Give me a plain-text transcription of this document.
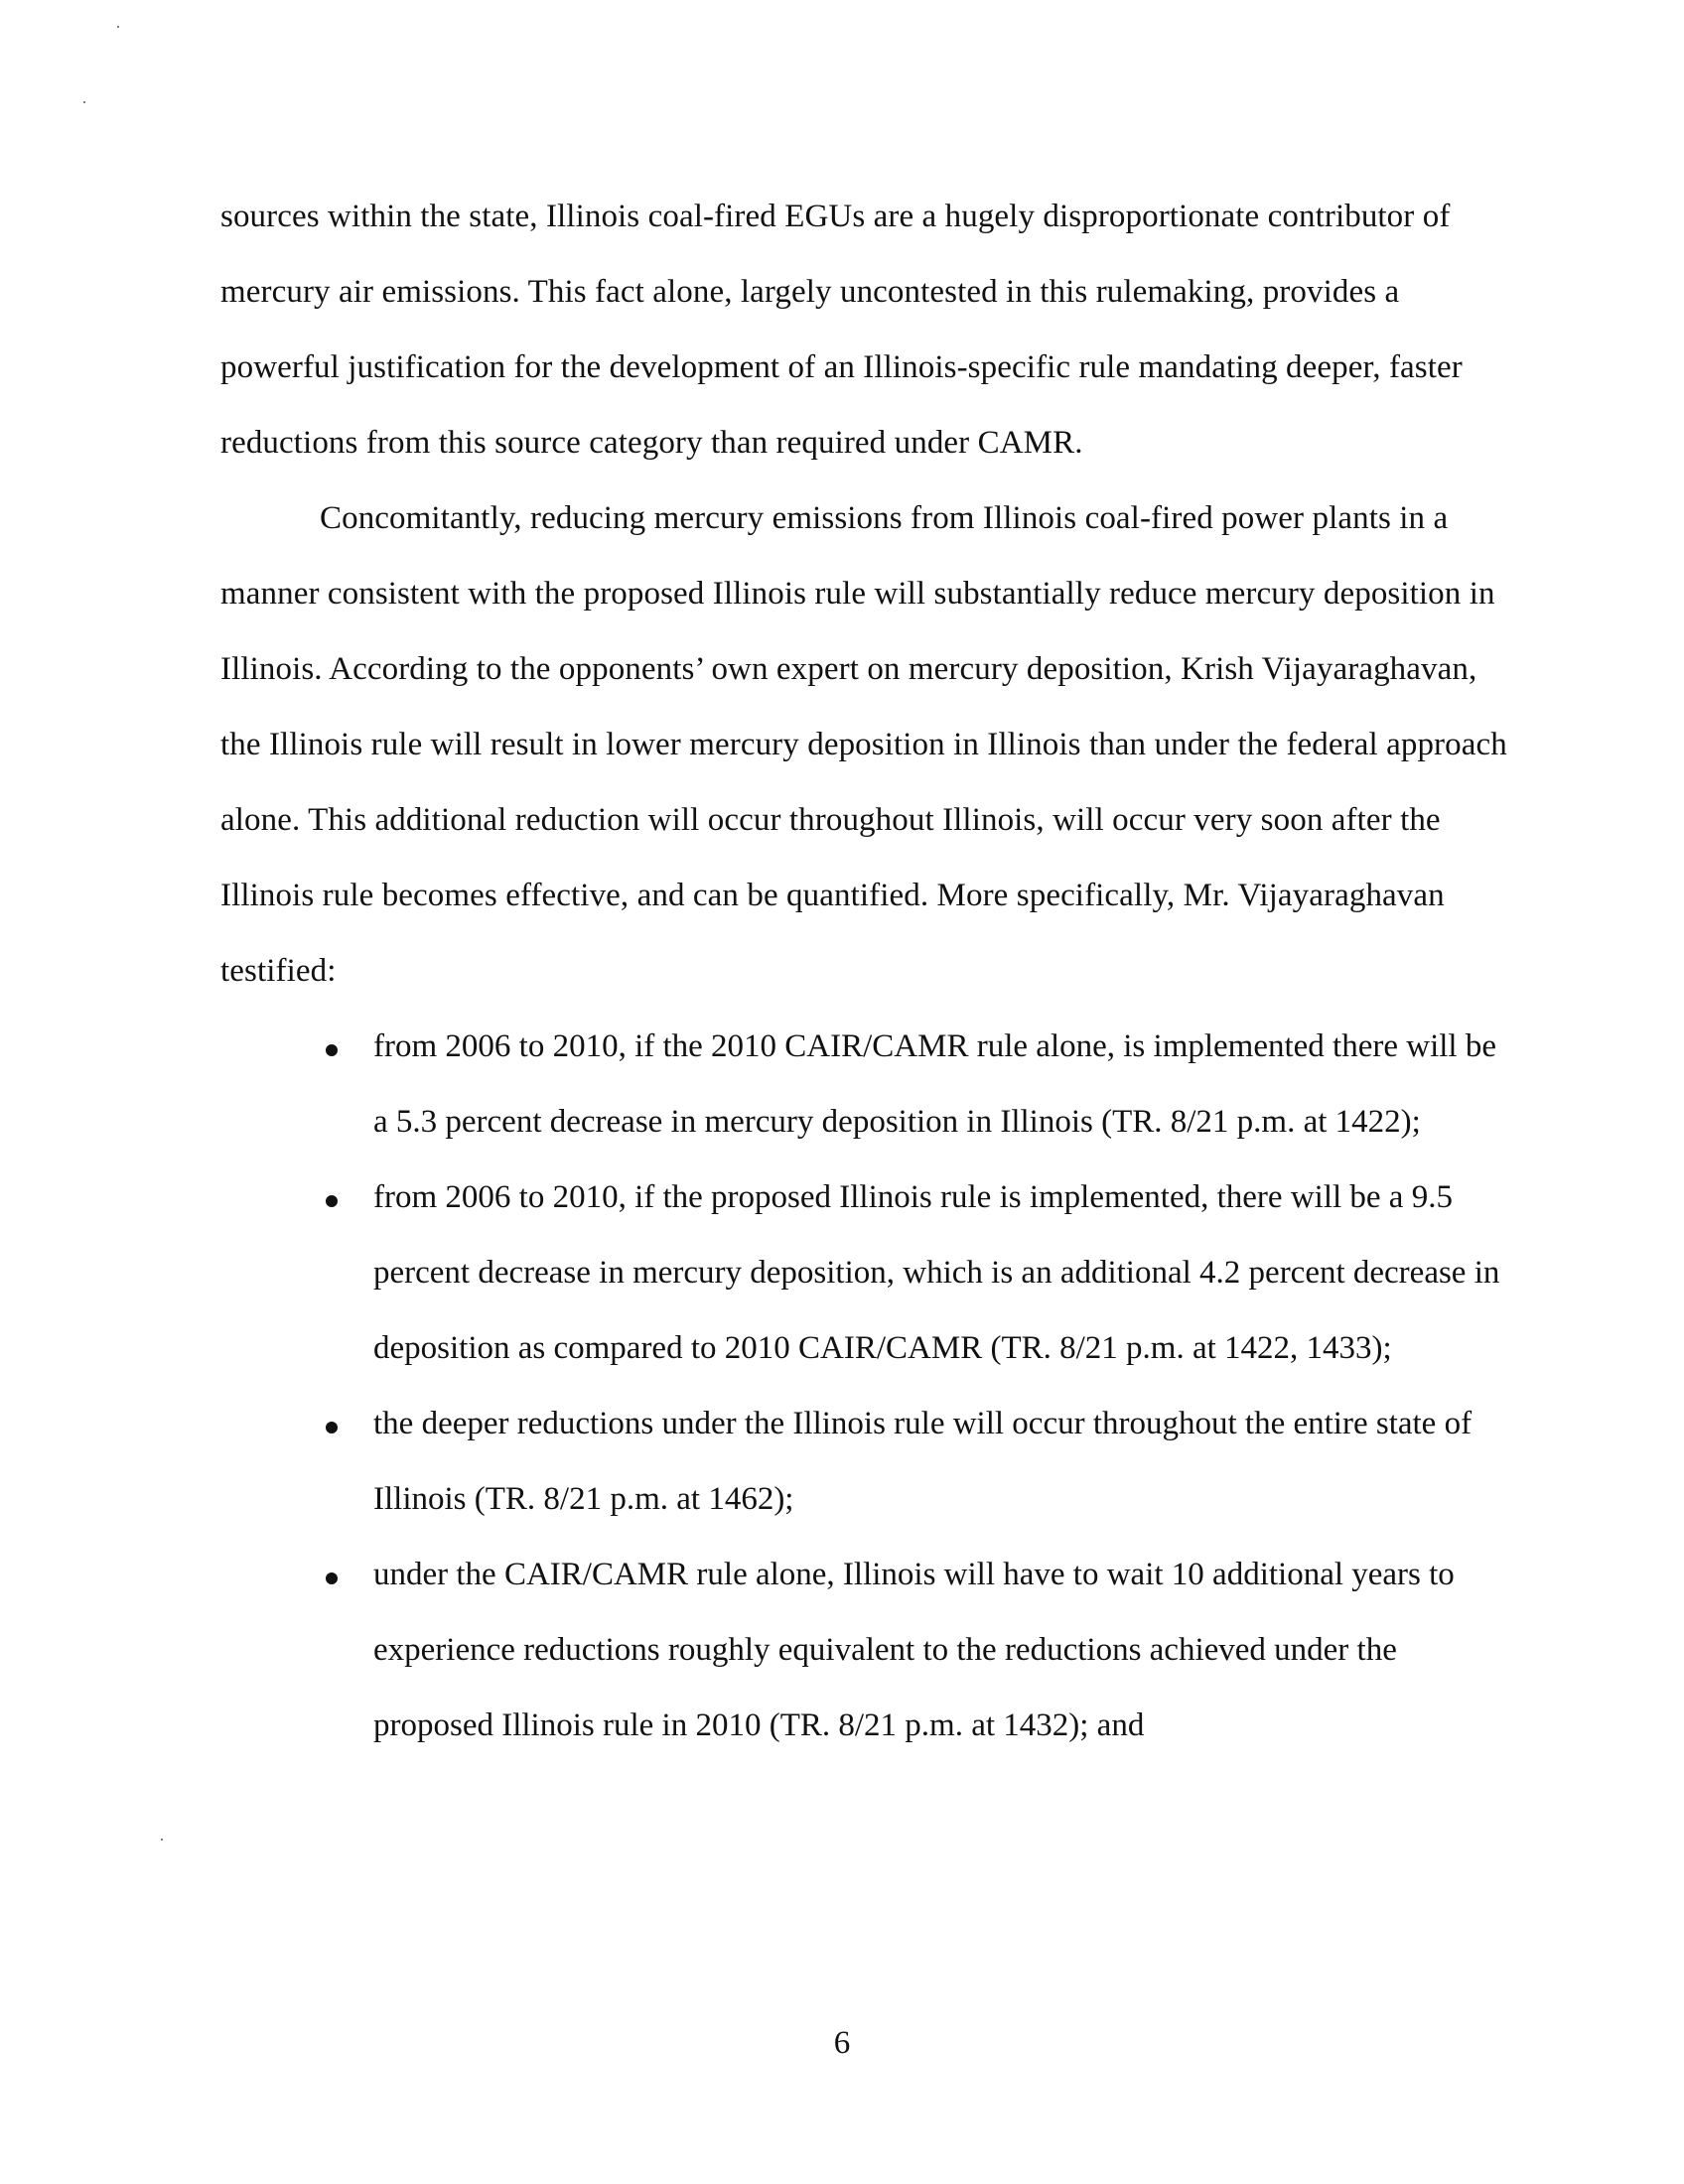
sources within the state, Illinois coal-fired EGUs are a hugely disproportionate contributor of
mercury air emissions. This fact alone, largely uncontested in this rulemaking, provides a
powerful justification for the development of an Illinois-specific rule mandating deeper, faster
reductions from this source category than required under CAMR.
Concomitantly, reducing mercury emissions from Illinois coal-fired power plants in a
manner consistent with the proposed Illinois rule will substantially reduce mercury deposition in
Illinois. According to the opponents’ own expert on mercury deposition, Krish Vijayaraghavan,
the Illinois rule will result in lower mercury deposition in Illinois than under the federal approach
alone. This additional reduction will occur throughout Illinois, will occur very soon after the
Illinois rule becomes effective, and can be quantified. More specifically, Mr. Vijayaraghavan
testified:
from 2006 to 2010, if the 2010 CAIR/CAMR rule alone, is implemented there will be
a 5.3 percent decrease in mercury deposition in Illinois (TR. 8/21 p.m. at 1422);
from 2006 to 2010, if the proposed Illinois rule is implemented, there will be a 9.5
percent decrease in mercury deposition, which is an additional 4.2 percent decrease in
deposition as compared to 2010 CAIR/CAMR (TR. 8/21 p.m. at 1422, 1433);
the deeper reductions under the Illinois rule will occur throughout the entire state of
Illinois (TR. 8/21 p.m. at 1462);
under the CAIR/CAMR rule alone, Illinois will have to wait 10 additional years to
experience reductions roughly equivalent to the reductions achieved under the
proposed Illinois rule in 2010 (TR. 8/21 p.m. at 1432); and
6
